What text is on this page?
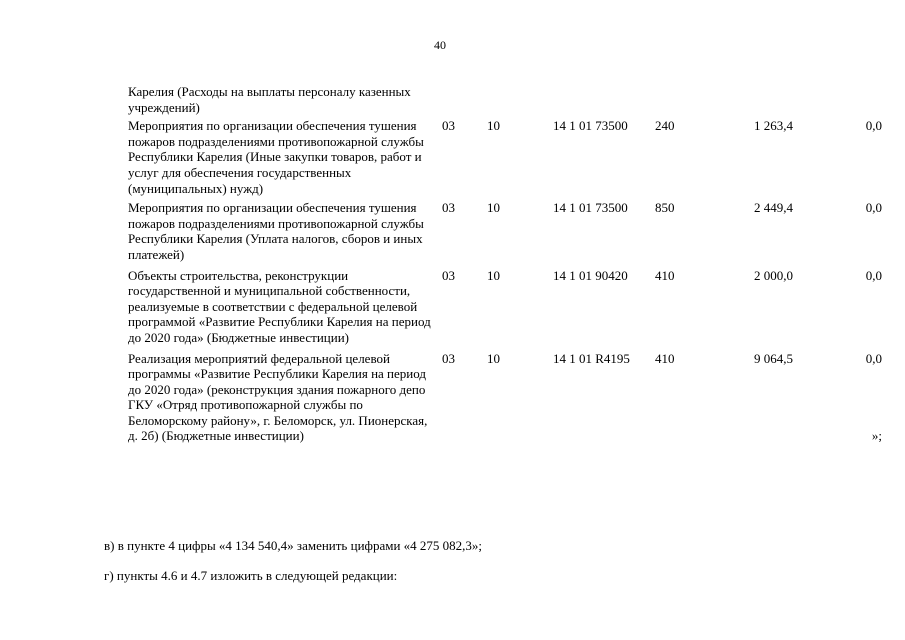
40
Карелия (Расходы на выплаты персоналу казенных учреждений)
Мероприятия по организации обеспечения тушения пожаров подразделениями противопожарной службы Республики Карелия (Иные закупки товаров, работ и услуг для обеспечения государственных (муниципальных) нужд)
03 10	14 1 01 73500 240	1 263,4	0,0
Мероприятия по организации обеспечения тушения пожаров подразделениями противопожарной службы Республики Карелия (Уплата налогов, сборов и иных платежей)
03 10	14 1 01 73500 850	2 449,4	0,0
Объекты строительства, реконструкции государственной и муниципальной собственности, реализуемые в соответствии с федеральной целевой программой «Развитие Республики Карелия на период до 2020 года» (Бюджетные инвестиции)
03 10	14 1 01 90420 410	2 000,0	0,0
Реализация мероприятий федеральной целевой программы «Развитие Республики Карелия на период до 2020 года» (реконструкция здания пожарного депо ГКУ «Отряд противопожарной службы по Беломорскому району», г. Беломорск, ул. Пионерская, д. 2б) (Бюджетные инвестиции)
03 10	14 1 01 R4195 410	9 064,5	0,0
»;
в) в пункте 4 цифры «4 134 540,4» заменить цифрами «4 275 082,3»;
г) пункты 4.6 и 4.7 изложить в следующей редакции:
